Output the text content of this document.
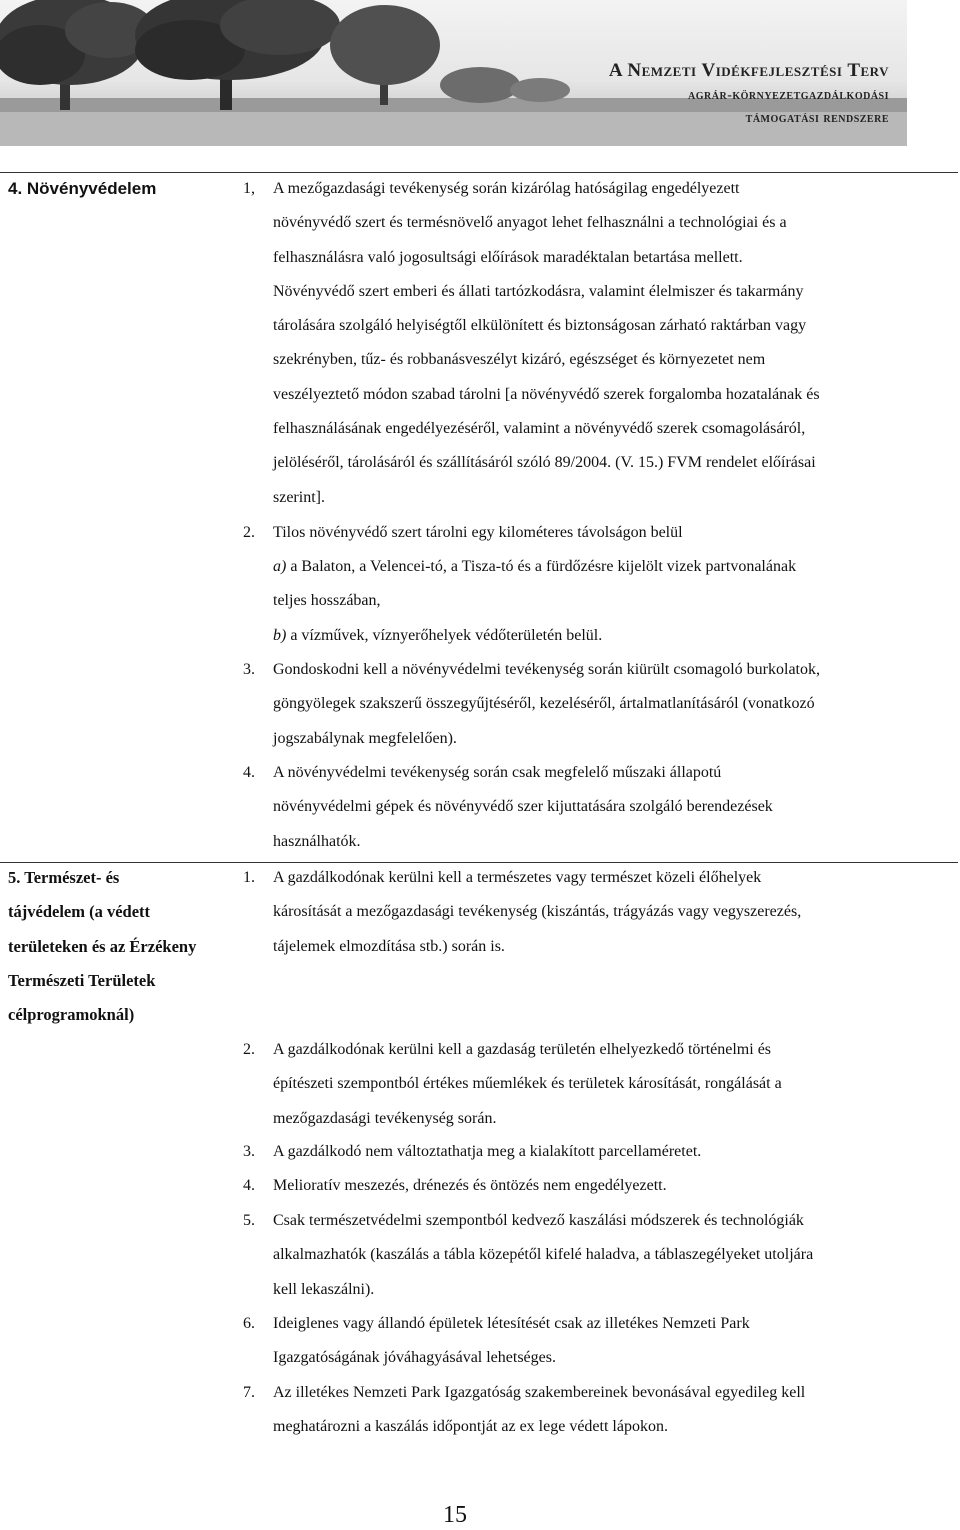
A Nemzeti Vidékfejlesztési Terv
agrár-környezetgazdálkodási
támogatási rendszere
4. Növényvédelem	1, A mezőgazdasági tevékenység során kizárólag hatóságilag engedélyezett
növényvédő szert és termésnövelő anyagot lehet felhasználni a technológiai és a
felhasználásra való jogosultsági előírások maradéktalan betartása mellett.
Növényvédő szert emberi és állati tartózkodásra, valamint élelmiszer és takarmány
tárolására szolgáló helyiségtől elkülönített és biztonságosan zárható raktárban vagy
szekrényben, tűz- és robbanásveszélyt kizáró, egészséget és környezetet nem
veszélyeztető módon szabad tárolni [a növényvédő szerek forgalomba hozatalának és
felhasználásának engedélyezéséről, valamint a növényvédő szerek csomagolásáról,
jelöléséről, tárolásáról és szállításáról szóló 89/2004. (V. 15.) FVM rendelet előírásai
szerint].
2. Tilos növényvédő szert tárolni egy kilométeres távolságon belül
a) a Balaton, a Velencei-tó, a Tisza-tó és a fürdőzésre kijelölt vizek partvonalának
teljes hosszában,
b) a vízművek, víznyerőhelyek védőterületén belül.
3. Gondoskodni kell a növényvédelmi tevékenység során kiürült csomagoló burkolatok,
göngyölegek szakszerű összegyűjtéséről, kezeléséről, ártalmatlanításáról (vonatkozó
jogszabálynak megfelelően).
4. A növényvédelmi tevékenység során csak megfelelő műszaki állapotú
növényvédelmi gépek és növényvédő szer kijuttatására szolgáló berendezések
használhatók.
5. Természet- és
tájvédelem (a védett
területeken és az Érzékeny
Természeti Területek
célprogramoknál)
1. A gazdálkodónak kerülni kell a természetes vagy természet közeli élőhelyek
károsítását a mezőgazdasági tevékenység (kiszántás, trágyázás vagy vegyszerezés,
tájelemek elmozdítása stb.) során is.
2. A gazdálkodónak kerülni kell a gazdaság területén elhelyezkedő történelmi és
építészeti szempontból értékes műemlékek és területek károsítását, rongálását a
mezőgazdasági tevékenység során.
3. A gazdálkodó nem változtathatja meg a kialakított parcellaméretet.
4. Melioratív meszezés, drénezés és öntözés nem engedélyezett.
5. Csak természetvédelmi szempontból kedvező kaszálási módszerek és technológiák
alkalmazhatók (kaszálás a tábla közepétől kifelé haladva, a táblaszegélyeket utoljára
kell lekaszálni).
6. Ideiglenes vagy állandó épületek létesítését csak az illetékes Nemzeti Park
Igazgatóságának jóváhagyásával lehetséges.
7. Az illetékes Nemzeti Park Igazgatóság szakembereinek bevonásával egyedileg kell
meghatározni a kaszálás időpontját az ex lege védett lápokon.
15
